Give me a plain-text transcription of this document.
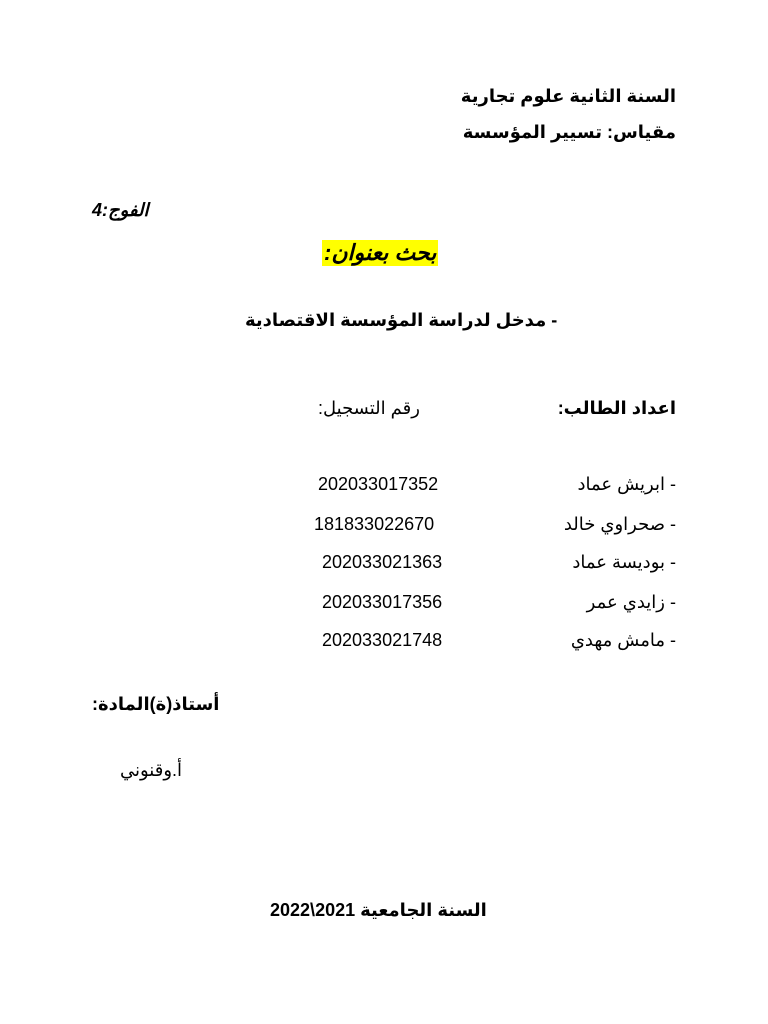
السنة الثانية علوم تجارية
مقياس: تسيير المؤسسة
الفوج:4
بحث بعنوان:
- مدخل لدراسة المؤسسة الاقتصادية
اعداد الطالب:
رقم التسجيل:
- ابريش عماد
202033017352
- صحراوي خالد
181833022670
- بوديسة عماد
202033021363
- زايدي عمر
202033017356
- مامش مهدي
202033021748
أستاذ(ة)المادة:
أ.وقنوني
السنة الجامعية 2021\2022
